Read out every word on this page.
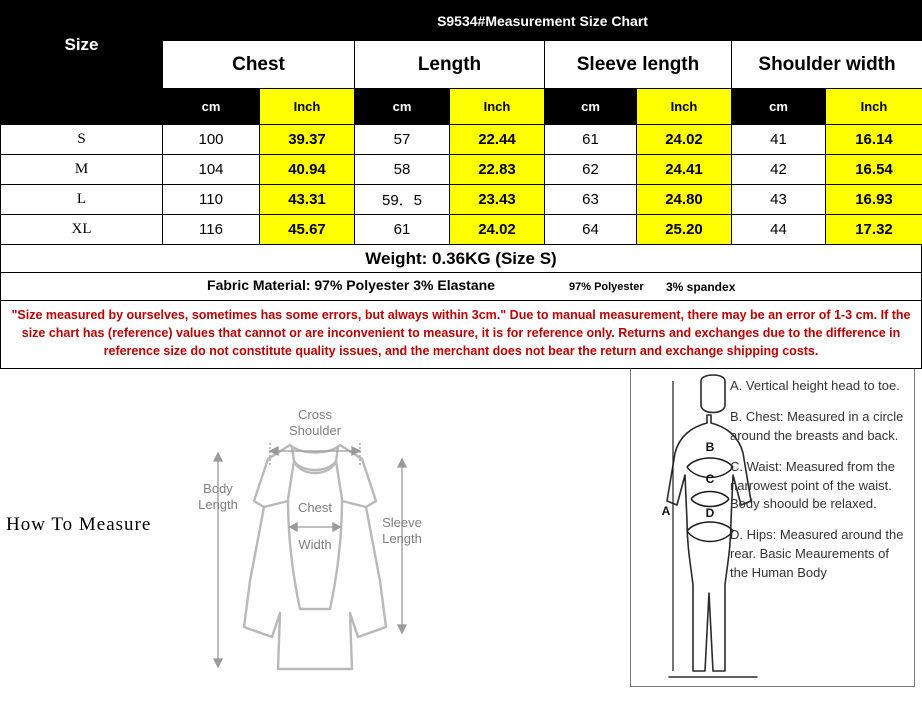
Size	S9534#Measurement Size Chart							
	Chest		Length		Sleeve length		Shoulder width	
	cm	Inch	cm	Inch	cm	Inch	cm	Inch
S	100	39.37	57	22.44	61	24.02	41	16.14
M	104	40.94	58	22.83	62	24.41	42	16.54
L	110	43.31	59．5	23.43	63	24.80	43	16.93
XL	116	45.67	61	24.02	64	25.20	44	17.32
Weight: 0.36KG (Size S)
Fabric Material: 97% Polyester 3% Elastane	97% Polyester 3% spandex
"Size measured by ourselves, sometimes has some errors, but always within 3cm." Due to manual measurement, there may be an error of 1-3 cm. If the size chart has (reference) values that cannot or are inconvenient to measure, it is for reference only. Returns and exchanges due to the difference in reference size do not constitute quality issues, and the merchant does not bear the return and exchange shipping costs.
How To Measure
Cross
Shoulder
Body
Length	Chest
Width
Sleeve
Length
A
B
C
D

A. Vertical height head to toe.

B. Chest: Measured in a circle around the breasts and back.

C. Waist: Measured from the narrowest point of the waist. Body shoould be relaxed.

D. Hips: Measured around the rear. Basic Meaurements of the Human Body
